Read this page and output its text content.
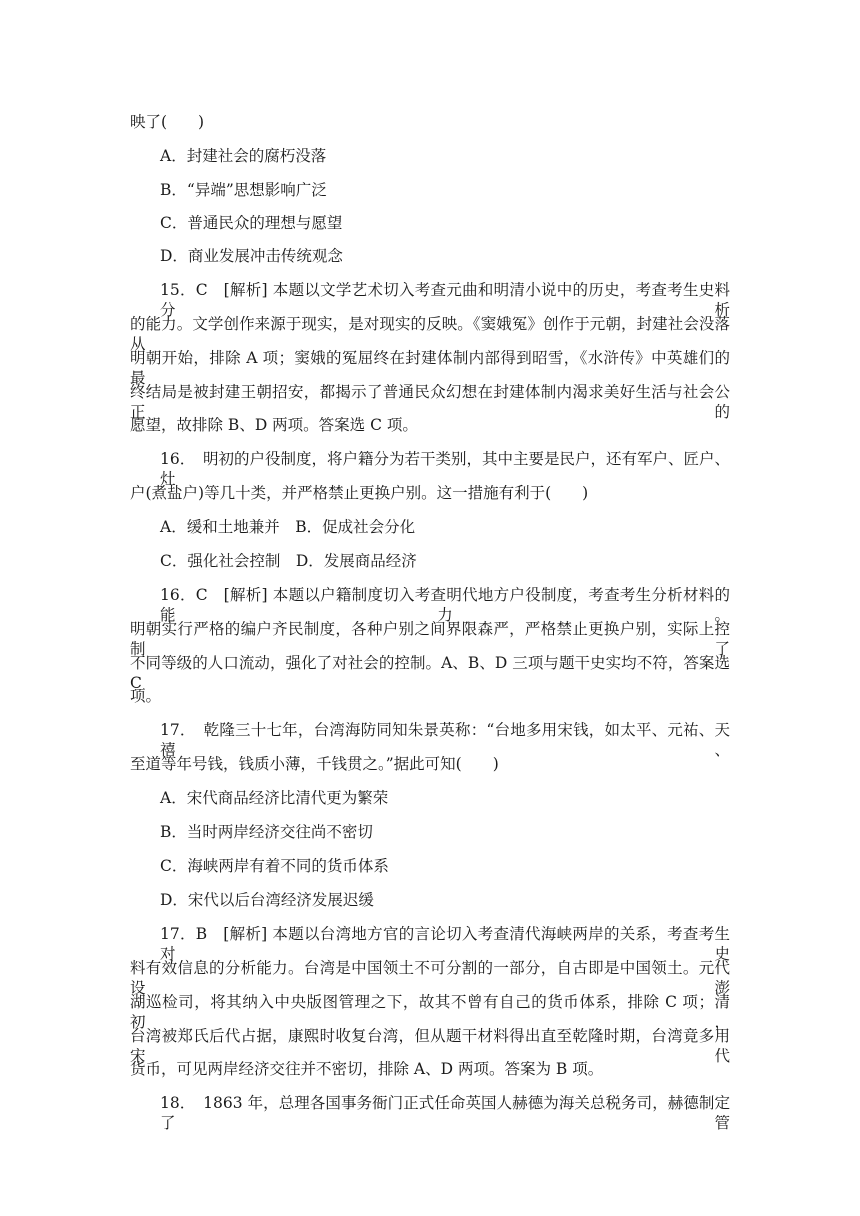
映了(　　)
A．封建社会的腐朽没落
B．“异端”思想影响广泛
C．普通民众的理想与愿望
D．商业发展冲击传统观念
15．C　[解析] 本题以文学艺术切入考查元曲和明清小说中的历史，考查考生史料分析
的能力。文学创作来源于现实，是对现实的反映。《窦娥冤》创作于元朝，封建社会没落从
明朝开始，排除 A 项；窦娥的冤屈终在封建体制内部得到昭雪，《水浒传》中英雄们的最
终结局是被封建王朝招安，都揭示了普通民众幻想在封建体制内渴求美好生活与社会公正的
愿望，故排除 B、D 两项。答案选 C 项。
16．　明初的户役制度，将户籍分为若干类别，其中主要是民户，还有军户、匠户、灶
户(煮盐户)等几十类，并严格禁止更换户别。这一措施有利于(　　)
A．缓和土地兼并　B．促成社会分化
C．强化社会控制　D．发展商品经济
16．C　[解析] 本题以户籍制度切入考查明代地方户役制度，考查考生分析材料的能力。
明朝实行严格的编户齐民制度，各种户别之间界限森严，严格禁止更换户别，实际上控制了
不同等级的人口流动，强化了对社会的控制。A、B、D 三项与题干史实均不符，答案选 C
项。
17．　乾隆三十七年，台湾海防同知朱景英称：“台地多用宋钱，如太平、元祐、天禧、
至道等年号钱，钱质小薄，千钱贯之。”据此可知(　　)
A．宋代商品经济比清代更为繁荣
B．当时两岸经济交往尚不密切
C．海峡两岸有着不同的货币体系
D．宋代以后台湾经济发展迟缓
17．B　[解析] 本题以台湾地方官的言论切入考查清代海峡两岸的关系，考查考生对史
料有效信息的分析能力。台湾是中国领土不可分割的一部分，自古即是中国领土。元代设澎
湖巡检司，将其纳入中央版图管理之下，故其不曾有自己的货币体系，排除 C 项；清初，
台湾被郑氏后代占据，康熙时收复台湾，但从题干材料得出直至乾隆时期，台湾竟多用宋代
货币，可见两岸经济交往并不密切，排除 A、D 两项。答案为 B 项。
18．　1863 年，总理各国事务衙门正式任命英国人赫德为海关总税务司，赫德制定了管
